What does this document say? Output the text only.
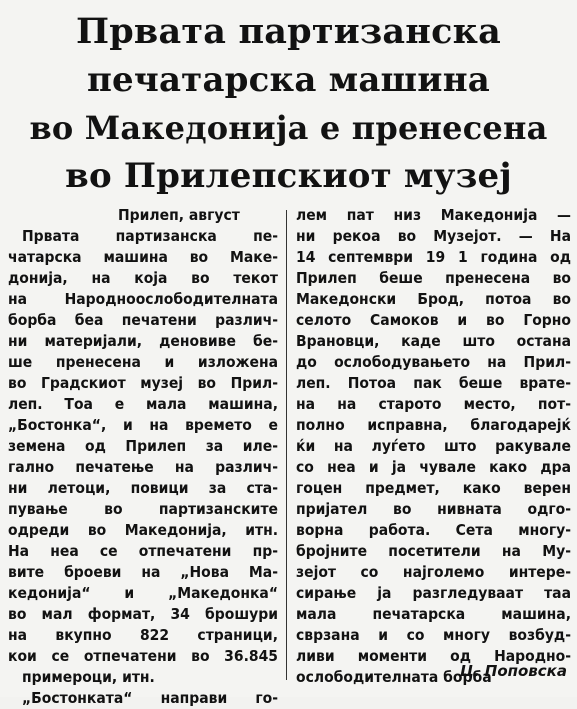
Првата партизанска
печатарска машина
во Македонија е пренесена
во Прилепскиот музеј
Прилеп, август
Првата партизанска пе-
чатарска машина во Маке-
донија, на која во текот
на Народноослободителната
борба беа печатени различ-
ни материјали, деновиве бе-
ше пренесена и изложена
во Градскиот музеј во Прил-
леп. Тоа е мала машина,
„Бостонка“, и на времето е
земена од Прилеп за иле-
гално печатење на различ-
ни летоци, повици за ста-
пување во партизанските
одреди во Македонија, итн.
На неа се отпечатени пр-
вите броеви на „Нова Ма-
кедонија“ и „Македонка“
во мал формат, 34 брошури
на вкупно 822 страници,
кои се отпечатени во 36.845
примероци, итн.
„Бостонката“ направи го-
лем пат низ Македонија —
ни рекоа во Музејот. — На
14 септември 19 1 година од
Прилеп беше пренесена во
Македонски Брод, потоа во
селото Самоков и во Горно
Врановци, каде што остана
до ослободувањето на Прил-
леп. Потоа пак беше врате-
на на старото место, пот-
полно исправна, благодарејќ
ќи на луѓето што ракувале
со неа и ја чувале како дра
гоцен предмет, како верен
пријател во нивната одго-
ворна работа. Сета многу-
бројните посетители на Му-
зејот со најголемо интере-
сирање ја разгледуваат таа
мала печатарска машина,
сврзана и со многу возбуд-
ливи моменти од Народно-
ослободителната борба
Ц. Поповска
